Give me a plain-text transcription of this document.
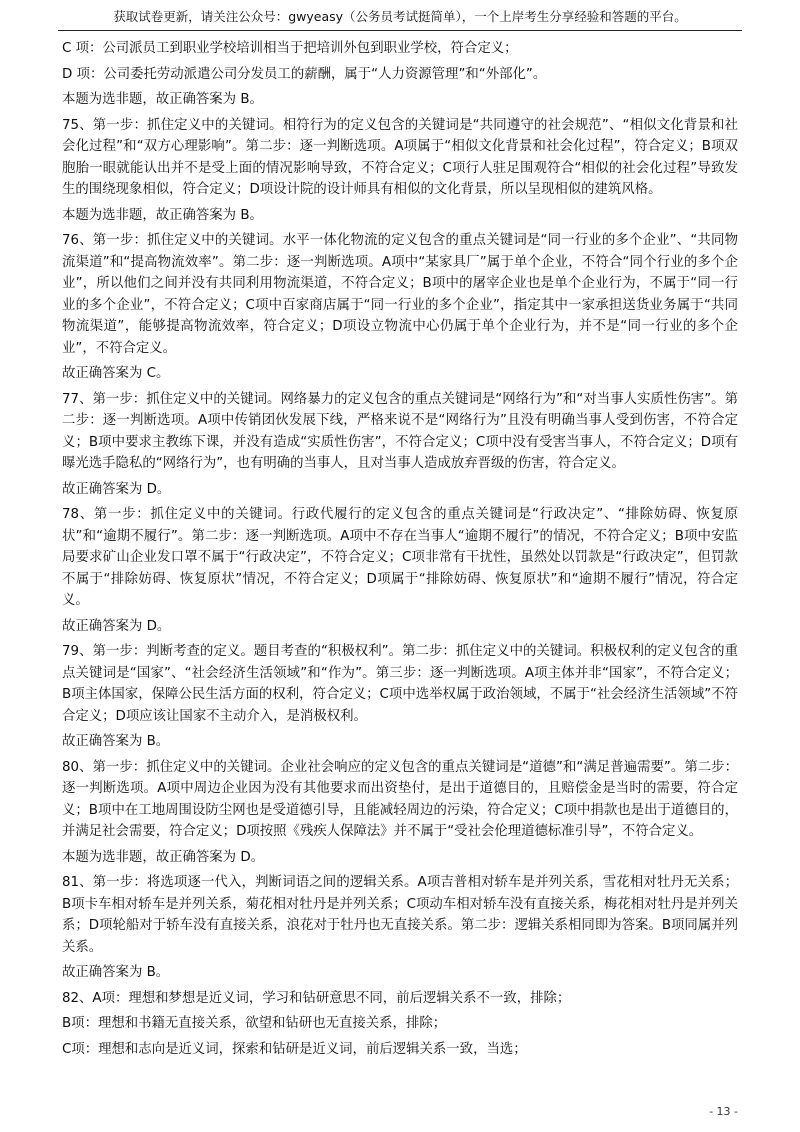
获取试卷更新，请关注公众号：gwyeasy（公务员考试挺简单），一个上岸考生分享经验和答题的平台。

C 项：公司派员工到职业学校培训相当于把培训外包到职业学校，符合定义；

D 项：公司委托劳动派遣公司分发员工的薪酬，属于“人力资源管理”和“外部化”。

本题为选非题，故正确答案为 B。

75、第一步：抓住定义中的关键词。相符行为的定义包含的关键词是“共同遵守的社会规范”、“相似文化背景和社会化过程”和“双方心理影响”。第二步：逐一判断选项。A项属于“相似文化背景和社会化过程”，符合定义；B项双胞胎一眼就能认出并不是受上面的情况影响导致，不符合定义；C项行人驻足围观符合“相似的社会化过程”导致发生的围绕现象相似，符合定义；D项设计院的设计师具有相似的文化背景，所以呈现相似的建筑风格。

本题为选非题，故正确答案为 B。

76、第一步：抓住定义中的关键词。水平一体化物流的定义包含的重点关键词是“同一行业的多个企业”、“共同物流渠道”和“提高物流效率”。第二步：逐一判断选项。A项中“某家具厂”属于单个企业，不符合“同个行业的多个企业”，所以他们之间并没有共同利用物流渠道，不符合定义；B项中的屠宰企业也是单个企业行为，不属于“同一行业的多个企业”，不符合定义；C项中百家商店属于“同一行业的多个企业”，指定其中一家承担送货业务属于“共同物流渠道”，能够提高物流效率，符合定义；D项设立物流中心仍属于单个企业行为，并不是“同一行业的多个企业”，不符合定义。

故正确答案为 C。

77、第一步：抓住定义中的关键词。网络暴力的定义包含的重点关键词是“网络行为”和“对当事人实质性伤害”。第二步：逐一判断选项。A项中传销团伙发展下线，严格来说不是“网络行为”且没有明确当事人受到伤害，不符合定义；B项中要求主教练下课，并没有造成“实质性伤害”，不符合定义；C项中没有受害当事人，不符合定义；D项有曝光选手隐私的“网络行为”，也有明确的当事人，且对当事人造成放弃晋级的伤害，符合定义。

故正确答案为 D。

78、第一步：抓住定义中的关键词。行政代履行的定义包含的重点关键词是“行政决定”、“排除妨碍、恢复原状”和“逾期不履行”。第二步：逐一判断选项。A项中不存在当事人“逾期不履行”的情况，不符合定义；B项中安监局要求矿山企业发口罩不属于“行政决定”，不符合定义；C项非常有干扰性，虽然处以罚款是“行政决定”，但罚款不属于“排除妨碍、恢复原状”情况，不符合定义；D项属于“排除妨碍、恢复原状”和“逾期不履行”情况，符合定义。

故正确答案为 D。

79、第一步：判断考查的定义。题目考查的“积极权利”。第二步：抓住定义中的关键词。积极权利的定义包含的重点关键词是“国家”、“社会经济生活领域”和“作为”。第三步：逐一判断选项。A项主体并非“国家”，不符合定义；B项主体国家，保障公民生活方面的权利，符合定义；C项中选举权属于政治领域，不属于“社会经济生活领域”不符合定义；D项应该让国家不主动介入，是消极权利。

故正确答案为 B。

80、第一步：抓住定义中的关键词。企业社会响应的定义包含的重点关键词是“道德”和“满足普遍需要”。第二步：逐一判断选项。A项中周边企业因为没有其他要求而出资垫付，是出于道德目的，且赔偿金是当时的需要，符合定义；B项中在工地周围设防尘网也是受道德引导，且能减轻周边的污染，符合定义；C项中捐款也是出于道德目的，并满足社会需要，符合定义；D项按照《残疾人保障法》并不属于“受社会伦理道德标准引导”，不符合定义。

本题为选非题，故正确答案为 D。

81、第一步：将选项逐一代入，判断词语之间的逻辑关系。A项吉普相对轿车是并列关系，雪花相对牡丹无关系；B项卡车相对轿车是并列关系，菊花相对牡丹是并列关系；C项动车相对轿车没有直接关系，梅花相对牡丹是并列关系；D项轮船对于轿车没有直接关系，浪花对于牡丹也无直接关系。第二步：逻辑关系相同即为答案。B项同属并列关系。

故正确答案为 B。

82、A项：理想和梦想是近义词，学习和钻研意思不同，前后逻辑关系不一致，排除；

B项：理想和书籍无直接关系，欲望和钻研也无直接关系，排除；

C项：理想和志向是近义词，探索和钻研是近义词，前后逻辑关系一致，当选；

- 13 -
